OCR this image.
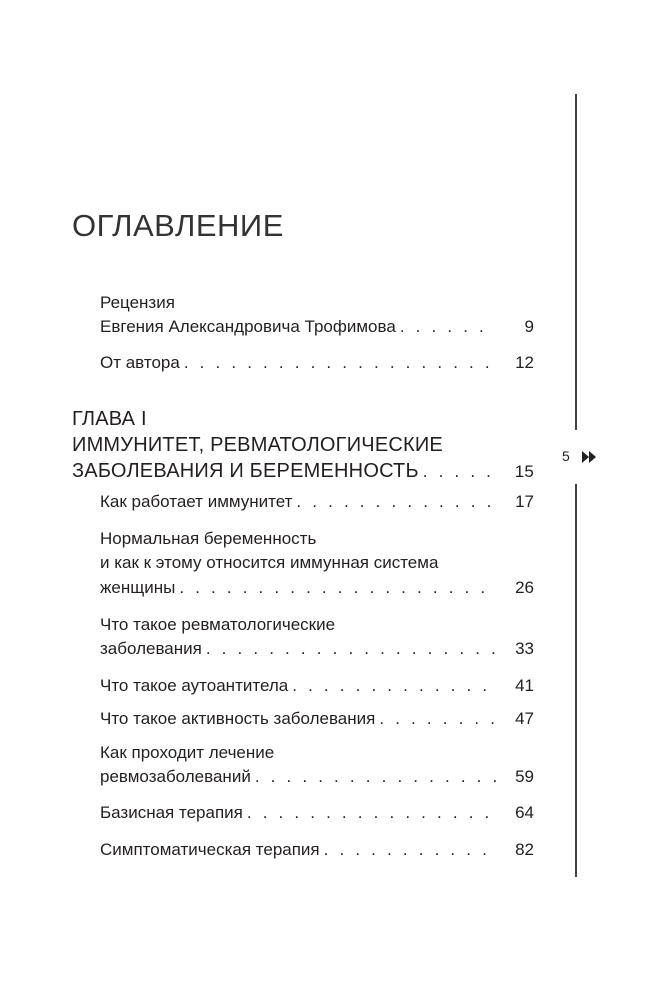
ОГЛАВЛЕНИЕ
Рецензия
Евгения Александровича Трофимова . . .	9
От автора . . .	12
ГЛАВА I
ИММУНИТЕТ, РЕВМАТОЛОГИЧЕСКИЕ
ЗАБОЛЕВАНИЯ И БЕРЕМЕННОСТЬ . . .	15
Как работает иммунитет . . .	17
Нормальная беременность
и как к этому относится иммунная система
женщины . . .	26
Что такое ревматологические
заболевания . . .	33
Что такое аутоантитела . . .	41
Что такое активность заболевания . . .	47
Как проходит лечение
ревмозаболеваний . . .	59
Базисная терапия . . .	64
Симптоматическая терапия . . .	82
5
